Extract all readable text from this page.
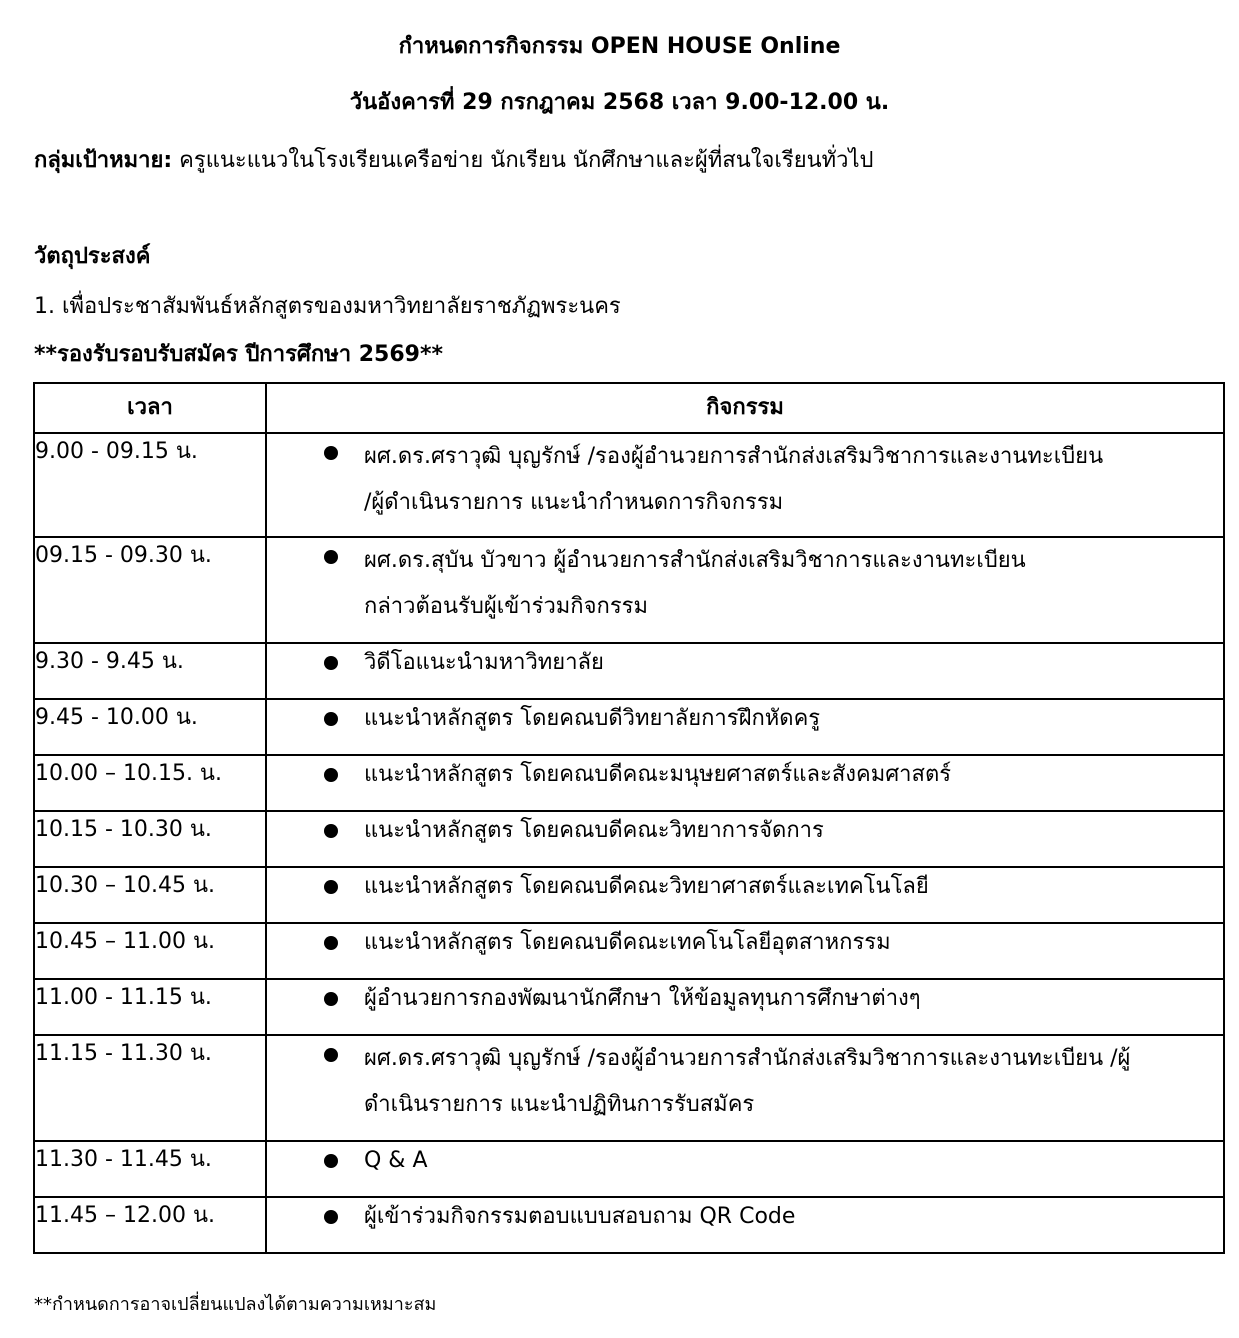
กำหนดการกิจกรรม OPEN HOUSE Online
วันอังคารที่ 29 กรกฎาคม 2568 เวลา 9.00-12.00 น.
กลุ่มเป้าหมาย: ครูแนะแนวในโรงเรียนเครือข่าย นักเรียน นักศึกษาและผู้ที่สนใจเรียนทั่วไป
วัตถุประสงค์
1. เพื่อประชาสัมพันธ์หลักสูตรของมหาวิทยาลัยราชภัฏพระนคร
**รองรับรอบรับสมัคร ปีการศึกษา 2569**
เวลา	กิจกรรม
9.00 - 09.15 น.	ผศ.ดร.ศราวุฒิ บุญรักษ์ /รองผู้อำนวยการสำนักส่งเสริมวิชาการและงานทะเบียน
/ผู้ดำเนินรายการ แนะนำกำหนดการกิจกรรม

09.15 - 09.30 น.	ผศ.ดร.สุบัน บัวขาว ผู้อำนวยการสำนักส่งเสริมวิชาการและงานทะเบียน
กล่าวต้อนรับผู้เข้าร่วมกิจกรรม

9.30 - 9.45 น.	วิดีโอแนะนำมหาวิทยาลัย

9.45 - 10.00 น.	แนะนำหลักสูตร โดยคณบดีวิทยาลัยการฝึกหัดครู

10.00 – 10.15. น.	แนะนำหลักสูตร โดยคณบดีคณะมนุษยศาสตร์และสังคมศาสตร์

10.15 - 10.30 น.	แนะนำหลักสูตร โดยคณบดีคณะวิทยาการจัดการ

10.30 – 10.45 น.	แนะนำหลักสูตร โดยคณบดีคณะวิทยาศาสตร์และเทคโนโลยี

10.45 – 11.00 น.	แนะนำหลักสูตร โดยคณบดีคณะเทคโนโลยีอุตสาหกรรม

11.00 - 11.15 น.	ผู้อำนวยการกองพัฒนานักศึกษา ให้ข้อมูลทุนการศึกษาต่างๆ

11.15 - 11.30 น.	ผศ.ดร.ศราวุฒิ บุญรักษ์ /รองผู้อำนวยการสำนักส่งเสริมวิชาการและงานทะเบียน /ผู้
ดำเนินรายการ แนะนำปฏิทินการรับสมัคร

11.30 - 11.45 น.	Q & A

11.45 – 12.00 น.	ผู้เข้าร่วมกิจกรรมตอบแบบสอบถาม QR Code
**กำหนดการอาจเปลี่ยนแปลงได้ตามความเหมาะสม
